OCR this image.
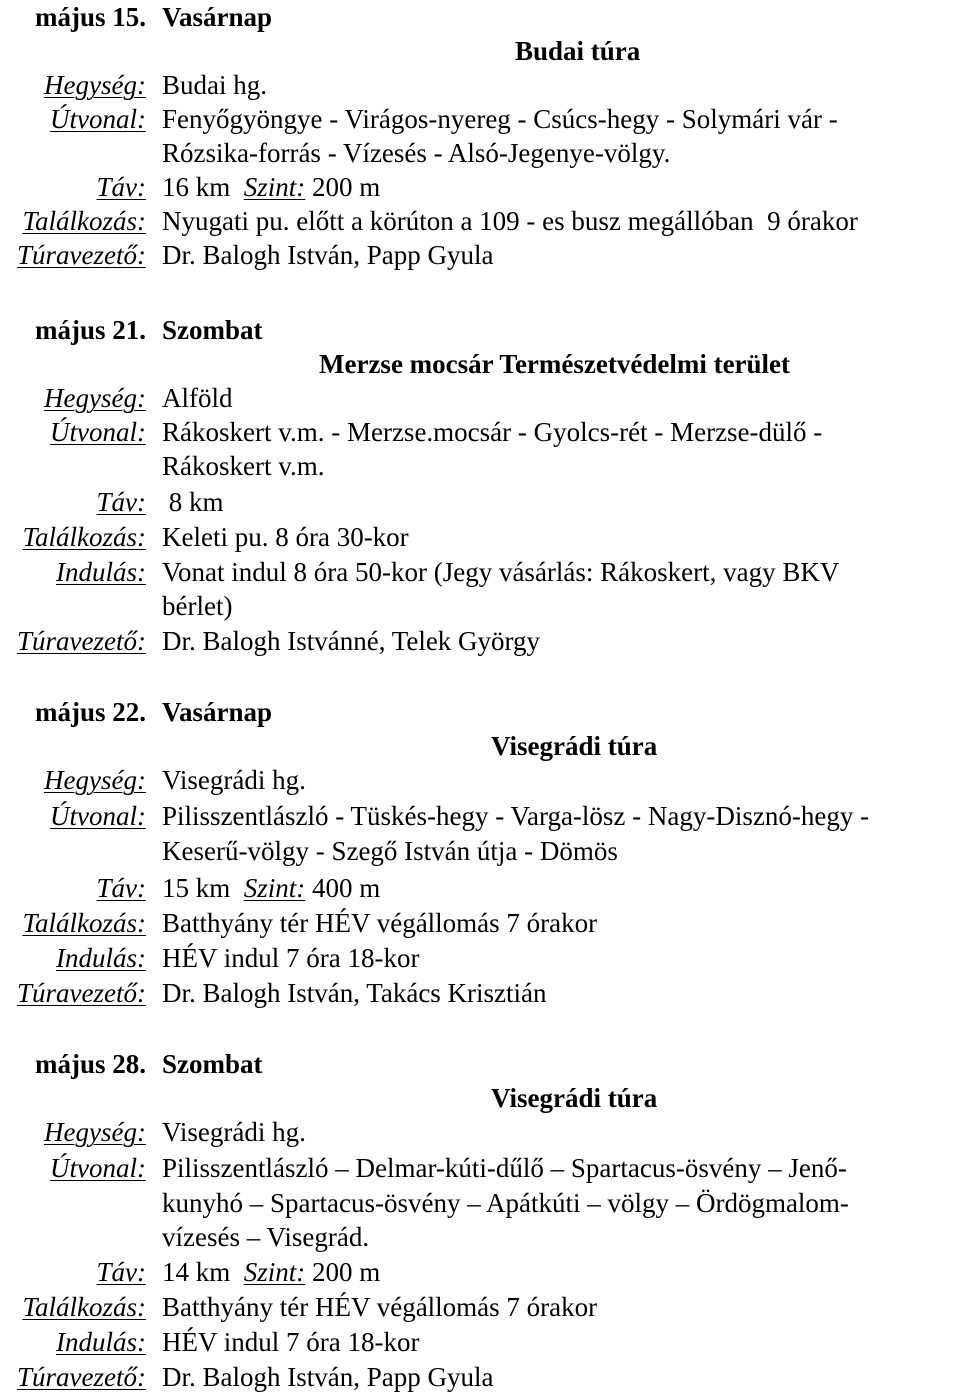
május 15. Vasárnap
Budai túra
Hegység: Budai hg.
Útvonal: Fenyőgyöngye - Virágos-nyereg - Csúcs-hegy - Solymári vár -
Rózsika-forrás - Vízesés - Alsó-Jegenye-völgy.
Táv: 16 km Szint: 200 m
Találkozás: Nyugati pu. előtt a körúton a 109 - es busz megállóban  9 órakor
Túravezető: Dr. Balogh István, Papp Gyula
május 21. Szombat
Merzse mocsár Természetvédelmi terület
Hegység: Alföld
Útvonal: Rákoskert v.m. - Merzse.mocsár - Gyolcs-rét - Merzse-dülő -
Rákoskert v.m.
Táv: 8 km
Találkozás: Keleti pu. 8 óra 30-kor
Indulás: Vonat indul 8 óra 50-kor (Jegy vásárlás: Rákoskert, vagy BKV
bérlet)
Túravezető: Dr. Balogh Istvánné, Telek György
május 22. Vasárnap
Visegrádi túra
Hegység: Visegrádi hg.
Útvonal: Pilisszentlászló - Tüskés-hegy - Varga-lösz - Nagy-Disznó-hegy -
Keserű-völgy - Szegő István útja - Dömös
Táv: 15 km Szint: 400 m
Találkozás: Batthyány tér HÉV végállomás 7 órakor
Indulás: HÉV indul 7 óra 18-kor
Túravezető: Dr. Balogh István, Takács Krisztián
május 28. Szombat
Visegrádi túra
Hegység: Visegrádi hg.
Útvonal: Pilisszentlászló – Delmar-kúti-dűlő – Spartacus-ösvény – Jenő-
kunyhó – Spartacus-ösvény – Apátkúti – völgy – Ördögmalom-
vízesés – Visegrád.
Táv: 14 km Szint: 200 m
Találkozás: Batthyány tér HÉV végállomás 7 órakor
Indulás: HÉV indul 7 óra 18-kor
Túravezető: Dr. Balogh István, Papp Gyula
